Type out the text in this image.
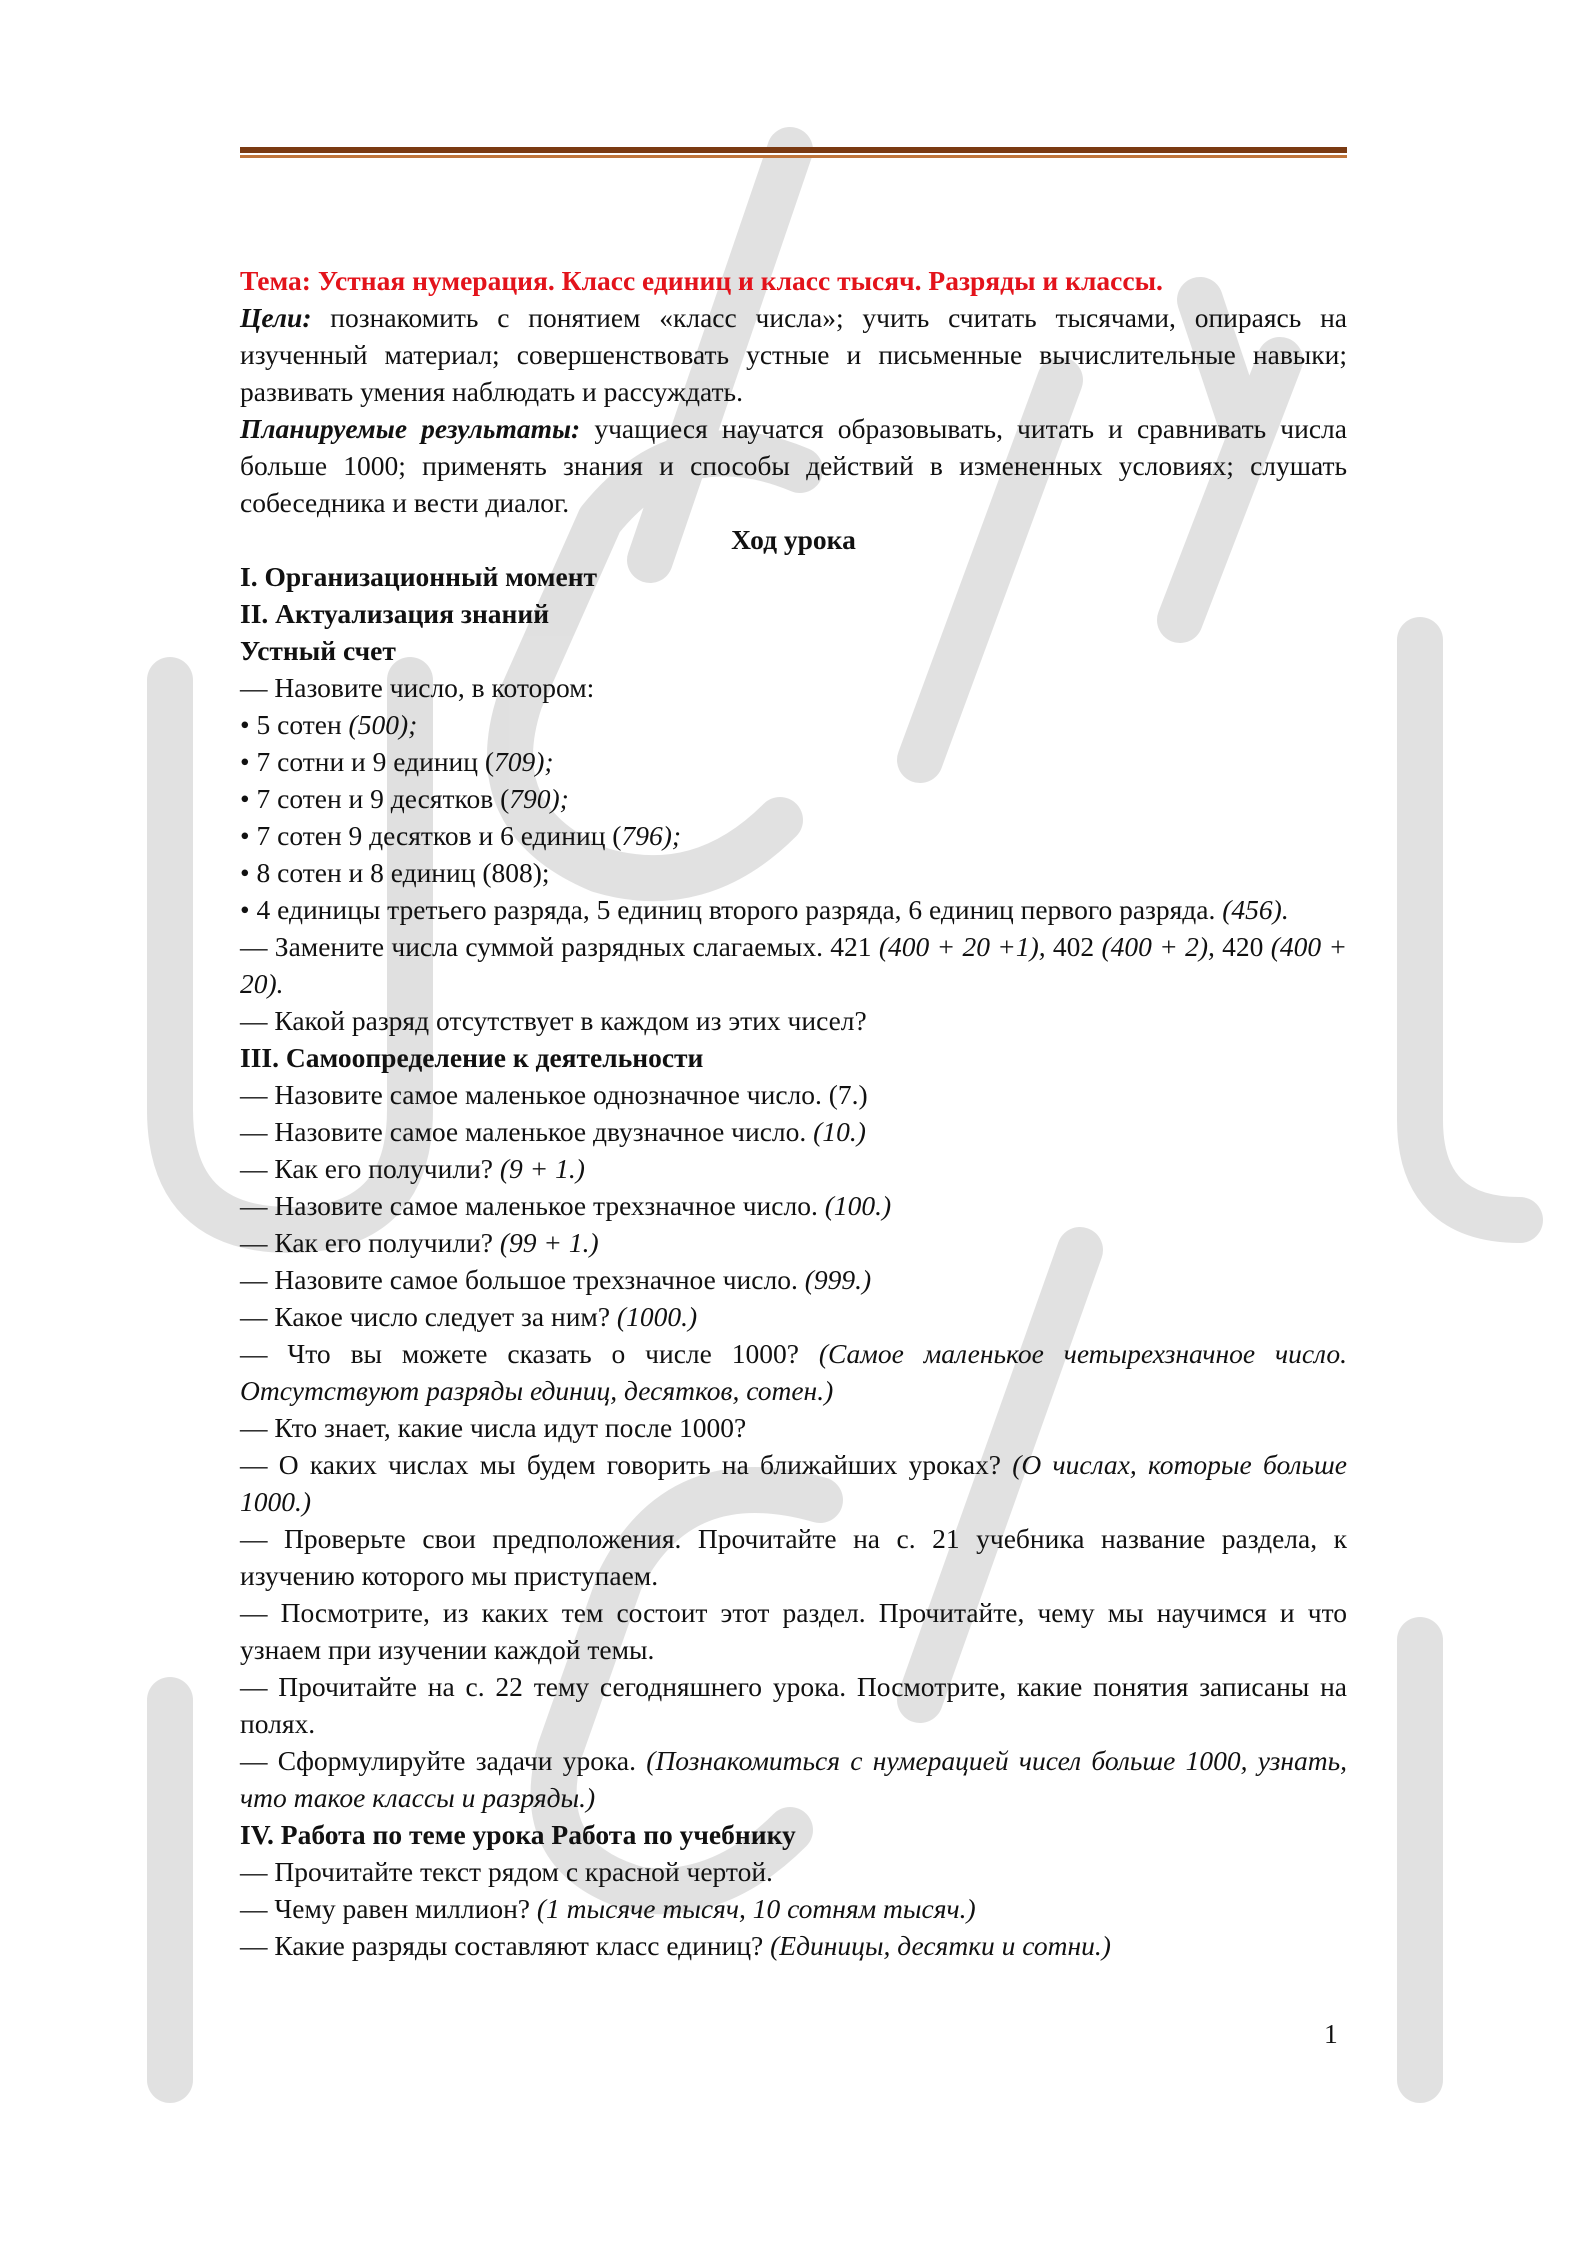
Тема: Устная нумерация. Класс единиц и класс тысяч. Разряды и классы.

Цели: познакомить с понятием «класс числа»; учить считать тысячами, опираясь на изученный материал; совершенствовать устные и письменные вычислительные навыки; развивать умения наблюдать и рассуждать.

Планируемые результаты: учащиеся научатся образовывать, читать и сравнивать числа больше 1000; применять знания и способы действий в измененных условиях; слушать собеседника и вести диалог.

Ход урока

I. Организационный момент

II. Актуализация знаний

Устный счет

— Назовите число, в котором:

• 5 сотен (500);

• 7 сотни и 9 единиц (709);

• 7 сотен и 9 десятков (790);

• 7 сотен 9 десятков и 6 единиц (796);

• 8 сотен и 8 единиц (808);

• 4 единицы третьего разряда, 5 единиц второго разряда, 6 единиц первого разряда. (456).

— Замените числа суммой разрядных слагаемых. 421 (400 + 20 +1), 402 (400 + 2), 420 (400 + 20).

— Какой разряд отсутствует в каждом из этих чисел?

III. Самоопределение к деятельности

— Назовите самое маленькое однозначное число. (7.)

— Назовите самое маленькое двузначное число. (10.)

— Как его получили? (9 + 1.)

— Назовите самое маленькое трехзначное число. (100.)

— Как его получили? (99 + 1.)

— Назовите самое большое трехзначное число. (999.)

— Какое число следует за ним? (1000.)

— Что вы можете сказать о числе 1000? (Самое маленькое четырехзначное число. Отсутствуют разряды единиц, десятков, сотен.)

— Кто знает, какие числа идут после 1000?

— О каких числах мы будем говорить на ближайших уроках? (О числах, которые больше 1000.)

— Проверьте свои предположения. Прочитайте на с. 21 учебника название раздела, к изучению которого мы приступаем.

— Посмотрите, из каких тем состоит этот раздел. Прочитайте, чему мы научимся и что узнаем при изучении каждой темы.

— Прочитайте на с. 22 тему сегодняшнего урока. Посмотрите, какие понятия записаны на полях.

— Сформулируйте задачи урока. (Познакомиться с нумерацией чисел больше 1000, узнать, что такое классы и разряды.)

IV. Работа по теме урока Работа по учебнику

— Прочитайте текст рядом с красной чертой.

— Чему равен миллион? (1 тысяче тысяч, 10 сотням тысяч.)

— Какие разряды составляют класс единиц? (Единицы, десятки и сотни.)

1
